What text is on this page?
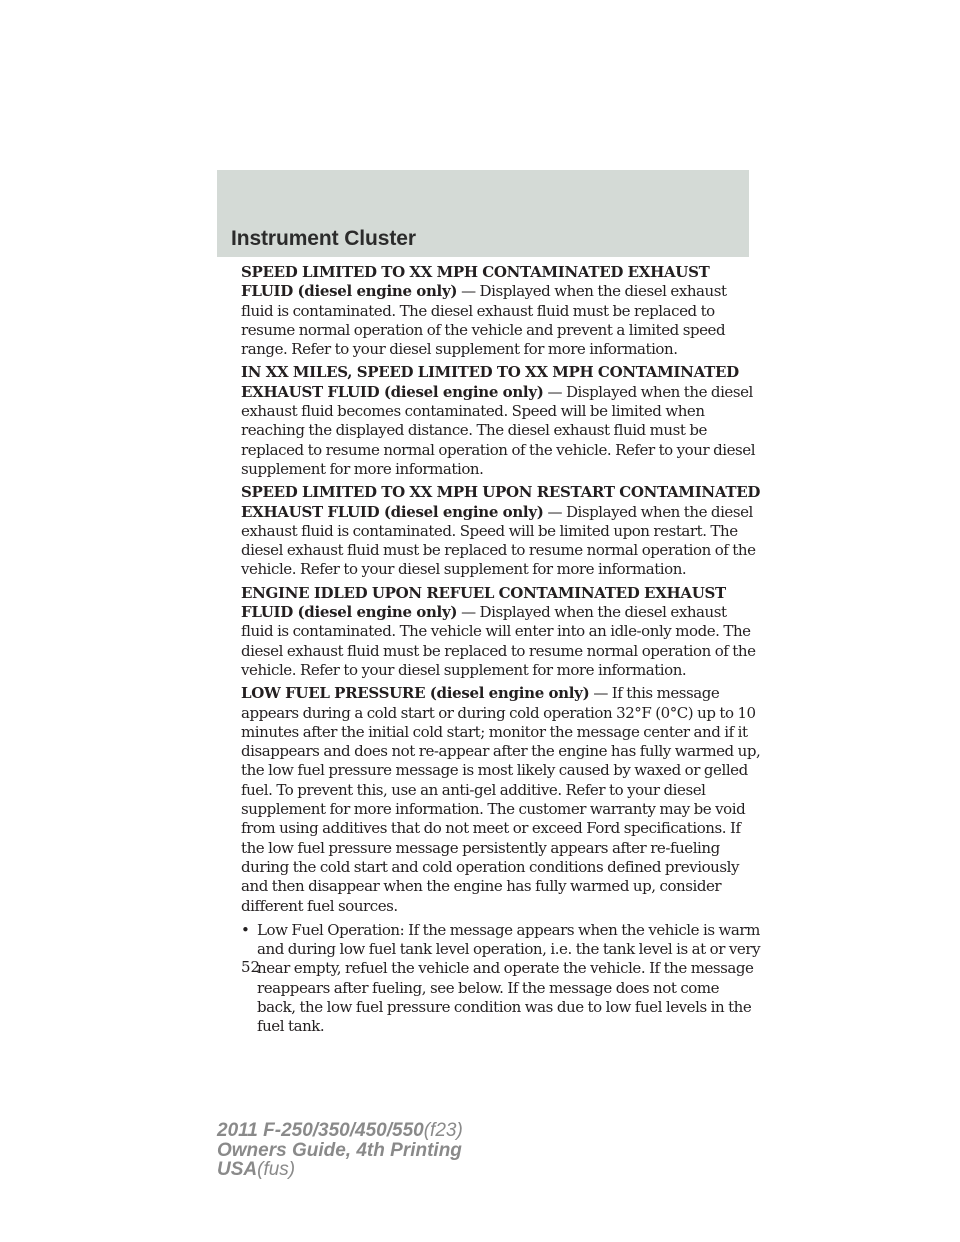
Instrument Cluster

SPEED LIMITED TO XX MPH CONTAMINATED EXHAUST FLUID (diesel engine only) — Displayed when the diesel exhaust fluid is contaminated. The diesel exhaust fluid must be replaced to resume normal operation of the vehicle and prevent a limited speed range. Refer to your diesel supplement for more information.

IN XX MILES, SPEED LIMITED TO XX MPH CONTAMINATED EXHAUST FLUID (diesel engine only) — Displayed when the diesel exhaust fluid becomes contaminated. Speed will be limited when reaching the displayed distance. The diesel exhaust fluid must be replaced to resume normal operation of the vehicle. Refer to your diesel supplement for more information.

SPEED LIMITED TO XX MPH UPON RESTART CONTAMINATED EXHAUST FLUID (diesel engine only) — Displayed when the diesel exhaust fluid is contaminated. Speed will be limited upon restart. The diesel exhaust fluid must be replaced to resume normal operation of the vehicle. Refer to your diesel supplement for more information.

ENGINE IDLED UPON REFUEL CONTAMINATED EXHAUST FLUID (diesel engine only) — Displayed when the diesel exhaust fluid is contaminated. The vehicle will enter into an idle-only mode. The diesel exhaust fluid must be replaced to resume normal operation of the vehicle. Refer to your diesel supplement for more information.

LOW FUEL PRESSURE (diesel engine only) — If this message appears during a cold start or during cold operation 32°F (0°C) up to 10 minutes after the initial cold start; monitor the message center and if it disappears and does not re-appear after the engine has fully warmed up, the low fuel pressure message is most likely caused by waxed or gelled fuel. To prevent this, use an anti-gel additive. Refer to your diesel supplement for more information. The customer warranty may be void from using additives that do not meet or exceed Ford specifications. If the low fuel pressure message persistently appears after re-fueling during the cold start and cold operation conditions defined previously and then disappear when the engine has fully warmed up, consider different fuel sources.

• Low Fuel Operation: If the message appears when the vehicle is warm and during low fuel tank level operation, i.e. the tank level is at or very near empty, refuel the vehicle and operate the vehicle. If the message reappears after fueling, see below. If the message does not come back, the low fuel pressure condition was due to low fuel levels in the fuel tank.
52
2011 F-250/350/450/550(f23)
Owners Guide, 4th Printing
USA(fus)
